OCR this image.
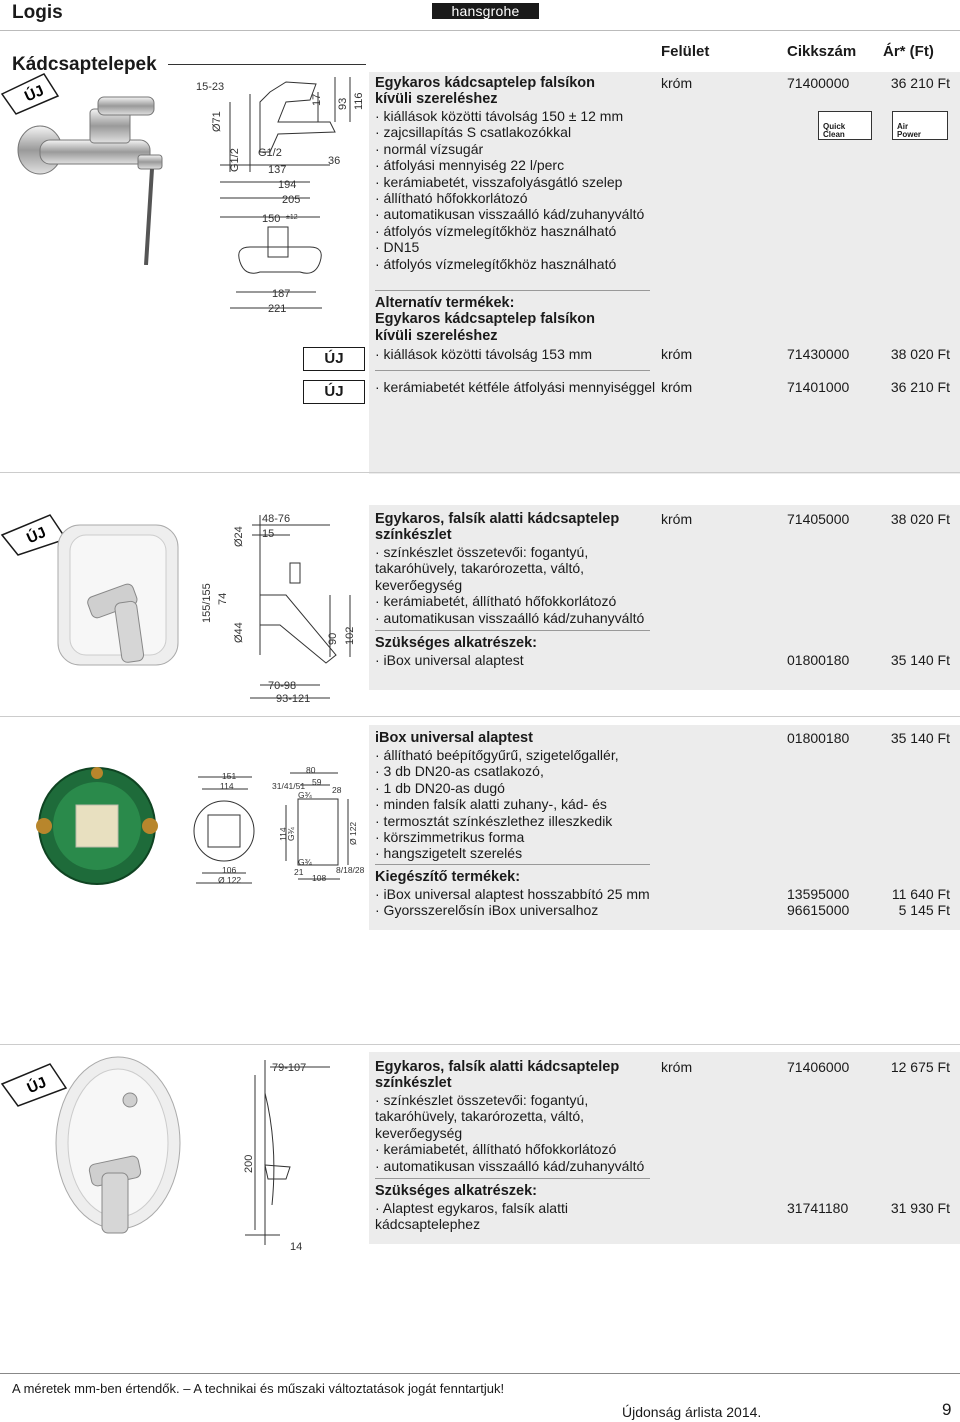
Logis	hansgrohe
Kádcsaptelepek
Felület	Cikkszám Ár* (Ft)
ÚJ	15-23
Ø71
G1/2 G1/2
137
194
205
150 ±12
17 93 116
36
187
221
Egykaros kádcsaptelep falsíkon
kívüli szereléshez
· kiállások közötti távolság 150 ± 12 mm
· zajcsillapítás S csatlakozókkal
· normál vízsugár
· átfolyási mennyiség 22 l/perc
· kerámiabetét, visszafolyásgátló szelep
· állítható hőfokkorlátozó
· automatikusan visszaálló kád/zuhanyváltó
· átfolyós vízmelegítőkhöz használható
· DN15
· átfolyós vízmelegítőkhöz használható
króm	71400000	36 210 Ft
Quick
Clean
Air
Power
Alternatív termékek:
Egykaros kádcsaptelep falsíkon
kívüli szereléshez
ÚJ	· kiállások közötti távolság 153 mm	króm	71430000	38 020 Ft
ÚJ	· kerámiabetét kétféle átfolyási mennyiséggel króm	71401000	36 210 Ft
ÚJ
48-76
15
Ø24
74
Ø44
155/155
90 102
70-98
93-121
Egykaros, falsík alatti kádcsaptelep
színkészlet
· színkészlet összetevői: fogantyú,
takaróhüvely, takarórozetta, váltó,
keverőegység
· kerámiabetét, állítható hőfokkorlátozó
· automatikusan visszaálló kád/zuhanyváltó
króm	71405000	38 020 Ft
Szükséges alkatrészek:
· iBox universal alaptest	01800180	35 140 Ft
151
114
106
Ø 122
80
59
31/41/51	28
G¾
114
G¾	Ø 122
G¾
21
108
8/18/28
iBox universal alaptest	01800180	35 140 Ft
· állítható beépítőgyűrű, szigetelőgallér,
· 3 db DN20-as csatlakozó,
· 1 db DN20-as dugó
· minden falsík alatti zuhany-, kád- és
· termosztát színkészlethez illeszkedik
· körszimmetrikus forma
· hangszigetelt szerelés
Kiegészítő termékek:
· iBox universal alaptest hosszabbító 25 mm	13595000	11 640 Ft
· Gyorsszerelősín iBox universalhoz	96615000	5 145 Ft
ÚJ
79-107
200
14
Egykaros, falsík alatti kádcsaptelep
színkészlet
· színkészlet összetevői: fogantyú,
takaróhüvely, takarórozetta, váltó,
keverőegység
· kerámiabetét, állítható hőfokkorlátozó
· automatikusan visszaálló kád/zuhanyváltó
króm	71406000	12 675 Ft
Szükséges alkatrészek:
· Alaptest egykaros, falsík alatti
kádcsaptelephez
31741180	31 930 Ft
A méretek mm-ben értendők. – A technikai és műszaki változtatások jogát fenntartjuk!
Újdonság árlista 2014.	9
